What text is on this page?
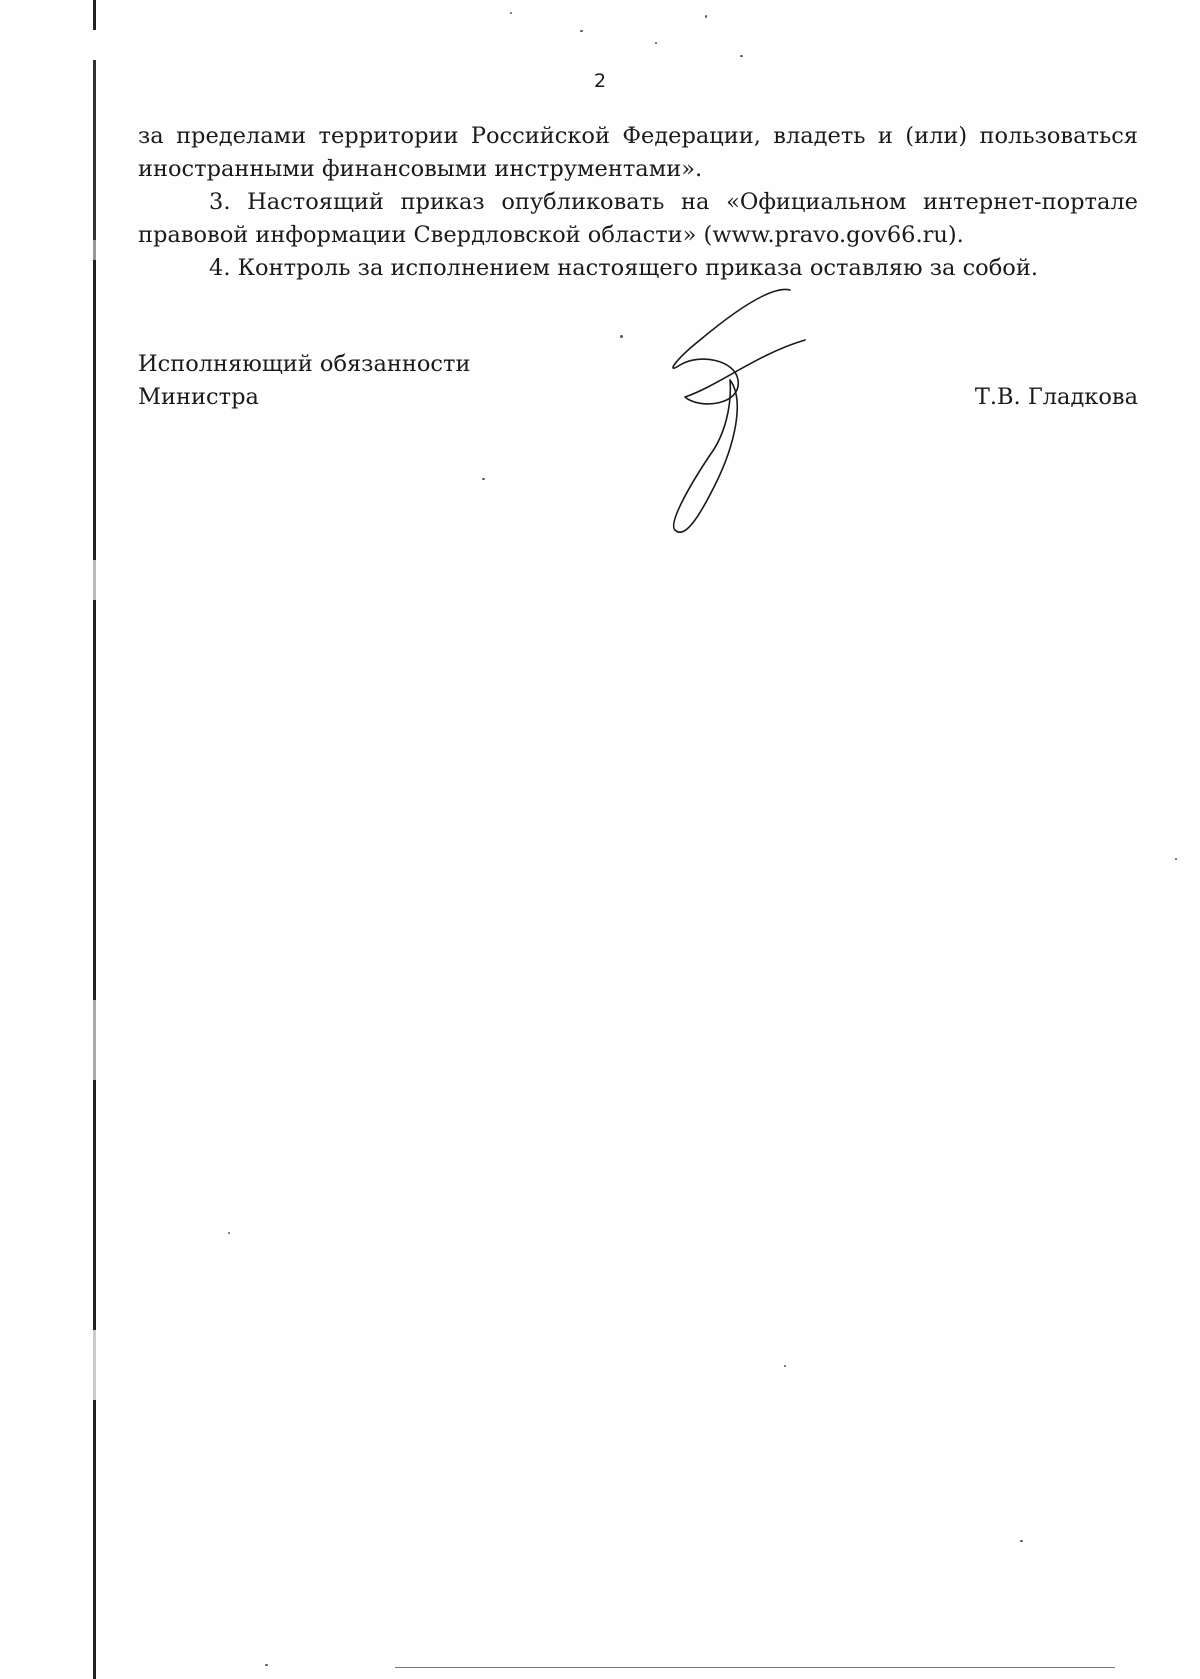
2

за пределами территории Российской Федерации, владеть и (или) пользоваться иностранными финансовыми инструментами».

3. Настоящий приказ опубликовать на «Официальном интернет-портале правовой информации Свердловской области» (www.pravo.gov66.ru).

4. Контроль за исполнением настоящего приказа оставляю за собой.

Исполняющий обязанности
Министра	Т.В. Гладкова
